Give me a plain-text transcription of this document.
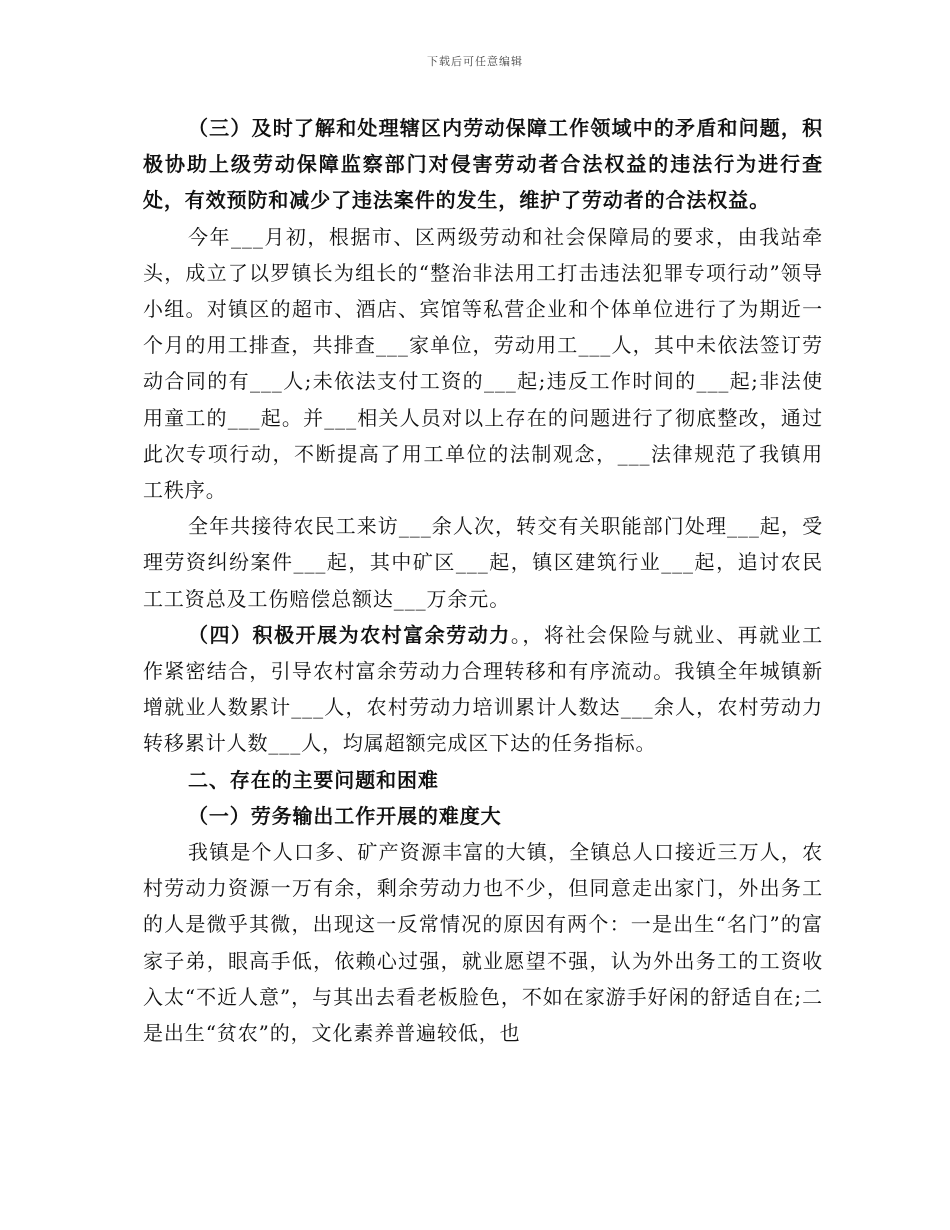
下载后可任意编辑

（三）及时了解和处理辖区内劳动保障工作领域中的矛盾和问题，积极协助上级劳动保障监察部门对侵害劳动者合法权益的违法行为进行查处，有效预防和减少了违法案件的发生，维护了劳动者的合法权益。

今年___月初，根据市、区两级劳动和社会保障局的要求，由我站牵头，成立了以罗镇长为组长的“整治非法用工打击违法犯罪专项行动”领导小组。对镇区的超市、酒店、宾馆等私营企业和个体单位进行了为期近一个月的用工排查，共排查___家单位，劳动用工___人，其中未依法签订劳动合同的有___人;未依法支付工资的___起;违反工作时间的___起;非法使用童工的___起。并___相关人员对以上存在的问题进行了彻底整改，通过此次专项行动，不断提高了用工单位的法制观念，___法律规范了我镇用工秩序。

全年共接待农民工来访___余人次，转交有关职能部门处理___起，受理劳资纠纷案件___起，其中矿区___起，镇区建筑行业___起，追讨农民工工资总及工伤赔偿总额达___万余元。

（四）积极开展为农村富余劳动力。，将社会保险与就业、再就业工作紧密结合，引导农村富余劳动力合理转移和有序流动。我镇全年城镇新增就业人数累计___人，农村劳动力培训累计人数达___余人，农村劳动力转移累计人数___人，均属超额完成区下达的任务指标。

二、存在的主要问题和困难

（一）劳务输出工作开展的难度大

我镇是个人口多、矿产资源丰富的大镇，全镇总人口接近三万人，农村劳动力资源一万有余，剩余劳动力也不少，但同意走出家门，外出务工的人是微乎其微，出现这一反常情况的原因有两个：一是出生“名门”的富家子弟，眼高手低，依赖心过强，就业愿望不强，认为外出务工的工资收入太“不近人意”，与其出去看老板脸色，不如在家游手好闲的舒适自在;二是出生“贫农”的，文化素养普遍较低，也
